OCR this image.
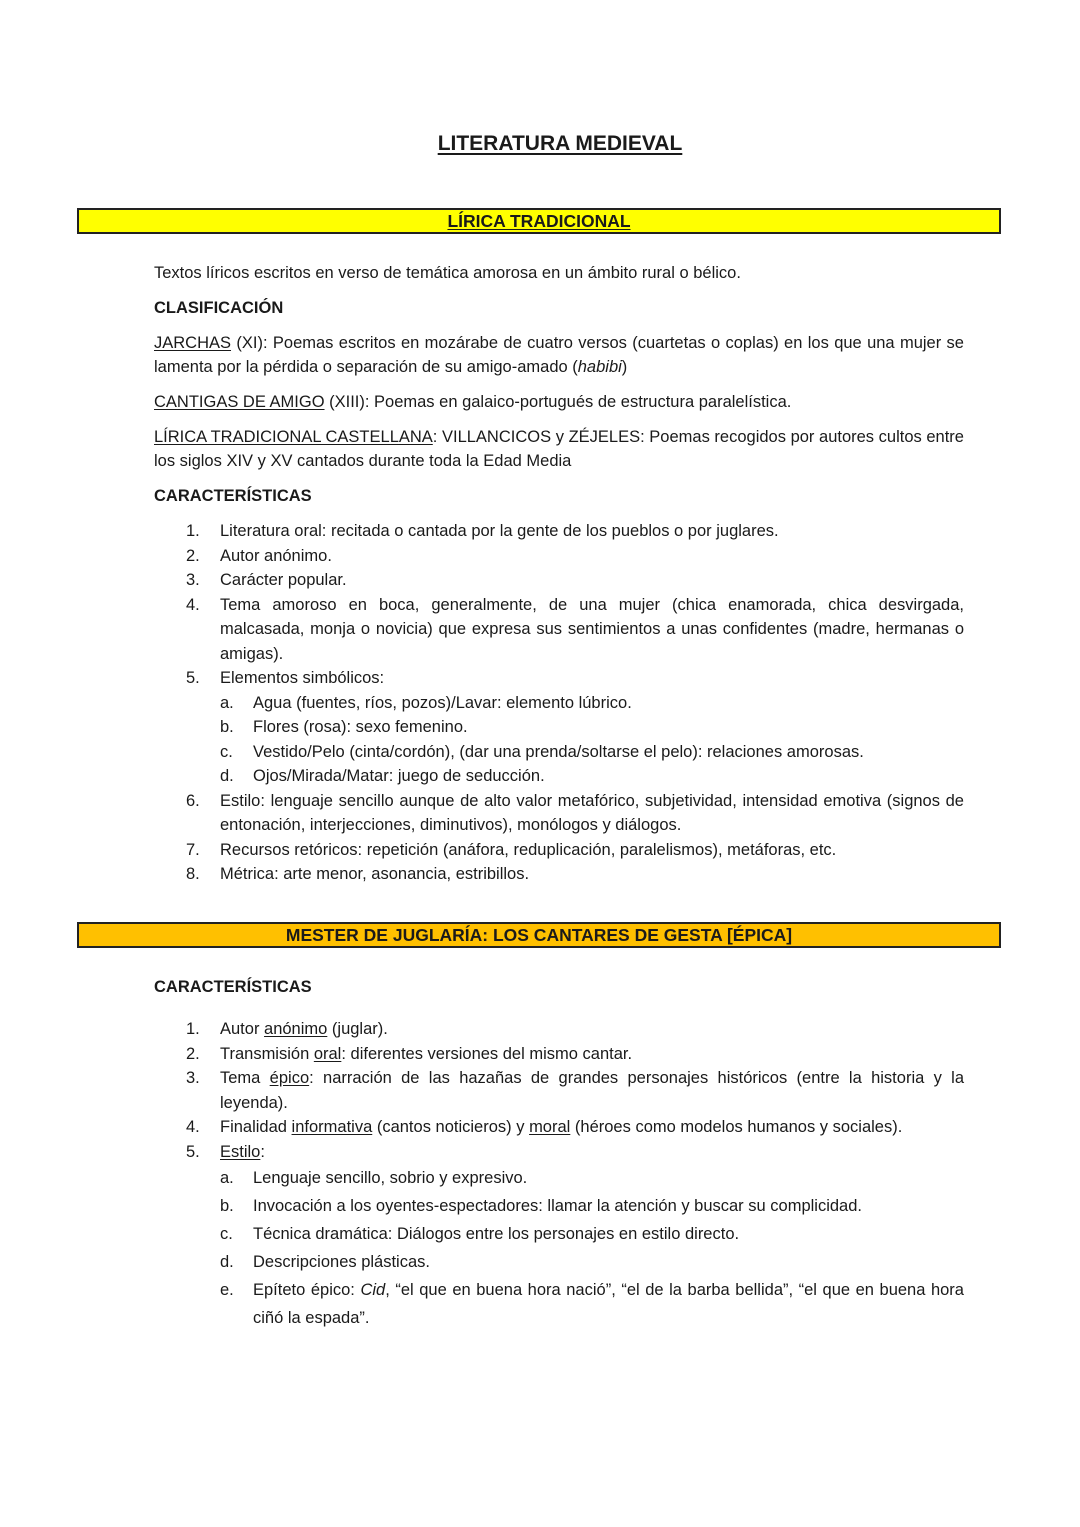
LITERATURA MEDIEVAL
LÍRICA TRADICIONAL

Textos líricos escritos en verso de temática amorosa en un ámbito rural o bélico.

CLASIFICACIÓN

JARCHAS (XI): Poemas escritos en mozárabe de cuatro versos (cuartetas o coplas) en los que una mujer se lamenta por la pérdida o separación de su amigo-amado (habibi)

CANTIGAS DE AMIGO (XIII): Poemas en galaico-portugués de estructura paralelística.

LÍRICA TRADICIONAL CASTELLANA: VILLANCICOS y ZÉJELES: Poemas recogidos por autores cultos entre los siglos XIV y XV cantados durante toda la Edad Media

CARACTERÍSTICAS

1.	Literatura oral: recitada o cantada por la gente de los pueblos o por juglares.
2.	Autor anónimo.
3.	Carácter popular.
4.	Tema amoroso en boca, generalmente, de una mujer (chica enamorada, chica desvirgada, malcasada, monja o novicia) que expresa sus sentimientos a unas confidentes (madre, hermanas o amigas).
5.	Elementos simbólicos:
a.	Agua (fuentes, ríos, pozos)/Lavar: elemento lúbrico.
b.	Flores (rosa): sexo femenino.
c.	Vestido/Pelo (cinta/cordón), (dar una prenda/soltarse el pelo): relaciones amorosas.
d.	Ojos/Mirada/Matar: juego de seducción.
6.	Estilo: lenguaje sencillo aunque de alto valor metafórico, subjetividad, intensidad emotiva (signos de entonación, interjecciones, diminutivos), monólogos y diálogos.
7.	Recursos retóricos: repetición (anáfora, reduplicación, paralelismos), metáforas, etc.
8.	Métrica: arte menor, asonancia, estribillos.
MESTER DE JUGLARÍA: LOS CANTARES DE GESTA [ÉPICA]

CARACTERÍSTICAS

1.	Autor anónimo (juglar).
2.	Transmisión oral: diferentes versiones del mismo cantar.
3.	Tema épico: narración de las hazañas de grandes personajes históricos (entre la historia y la leyenda).
4.	Finalidad informativa (cantos noticieros) y moral (héroes como modelos humanos y sociales).
5.	Estilo:
a.	Lenguaje sencillo, sobrio y expresivo.
b.	Invocación a los oyentes-espectadores: llamar la atención y buscar su complicidad.
c.	Técnica dramática: Diálogos entre los personajes en estilo directo.
d.	Descripciones plásticas.
e.	Epíteto épico: Cid, “el que en buena hora nació”, “el de la barba bellida”, “el que en buena hora ciñó la espada”.
